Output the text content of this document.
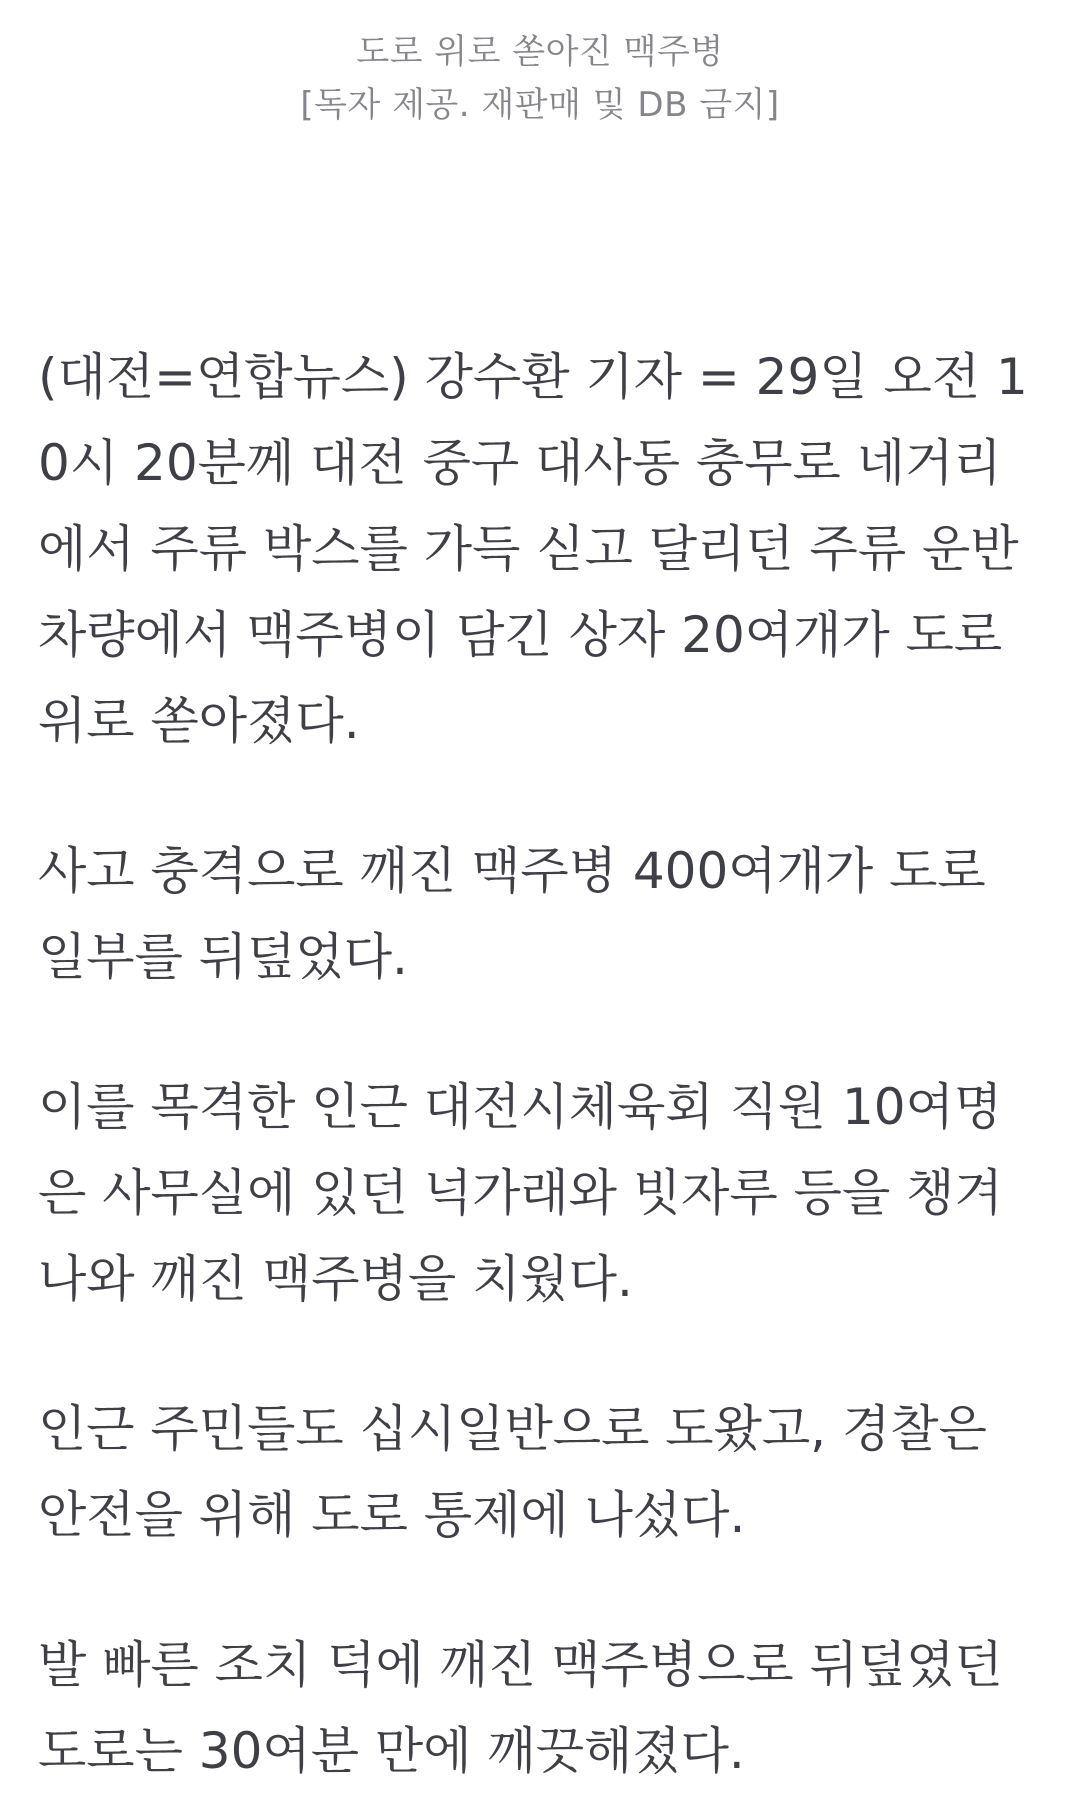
도로 위로 쏟아진 맥주병
[독자 제공. 재판매 및 DB 금지]

(대전=연합뉴스) 강수환 기자 = 29일 오전 10시 20분께 대전 중구 대사동 충무로 네거리에서 주류 박스를 가득 싣고 달리던 주류 운반 차량에서 맥주병이 담긴 상자 20여개가 도로 위로 쏟아졌다.

사고 충격으로 깨진 맥주병 400여개가 도로 일부를 뒤덮었다.

이를 목격한 인근 대전시체육회 직원 10여명은 사무실에 있던 넉가래와 빗자루 등을 챙겨 나와 깨진 맥주병을 치웠다.

인근 주민들도 십시일반으로 도왔고, 경찰은 안전을 위해 도로 통제에 나섰다.

발 빠른 조치 덕에 깨진 맥주병으로 뒤덮였던 도로는 30여분 만에 깨끗해졌다.
